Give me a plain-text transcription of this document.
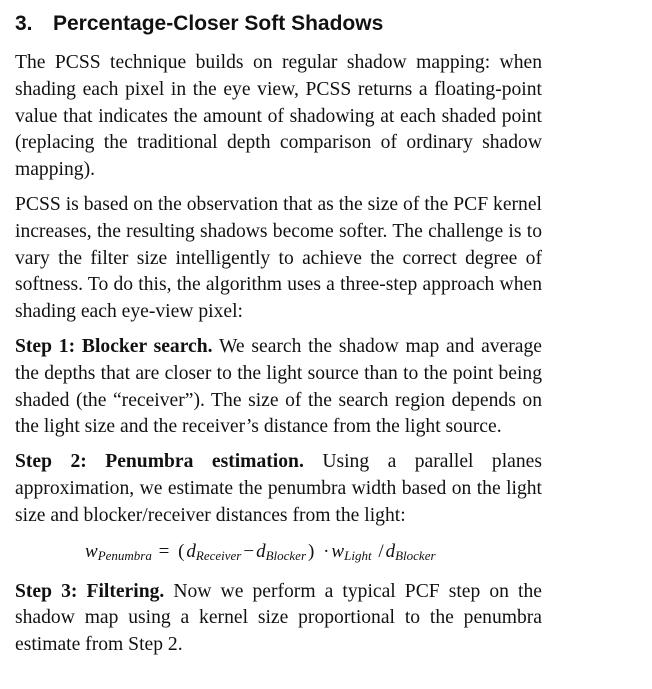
3. Percentage-Closer Soft Shadows

The PCSS technique builds on regular shadow mapping: when shading each pixel in the eye view, PCSS returns a floating-point value that indicates the amount of shadowing at each shaded point (replacing the traditional depth comparison of ordinary shadow mapping).

PCSS is based on the observation that as the size of the PCF kernel increases, the resulting shadows become softer. The challenge is to vary the filter size intelligently to achieve the correct degree of softness. To do this, the algorithm uses a three-step approach when shading each eye-view pixel:

Step 1: Blocker search. We search the shadow map and average the depths that are closer to the light source than to the point being shaded (the “receiver”). The size of the search region depends on the light size and the receiver’s distance from the light source.

Step 2: Penumbra estimation. Using a parallel planes approximation, we estimate the penumbra width based on the light size and blocker/receiver distances from the light:

$w_{Penumbra}$ = ( $d_{Receiver} - d_{Blocker}$ ) · $w_{Light} / d_{Blocker}$

Step 3: Filtering. Now we perform a typical PCF step on the shadow map using a kernel size proportional to the penumbra estimate from Step 2.
